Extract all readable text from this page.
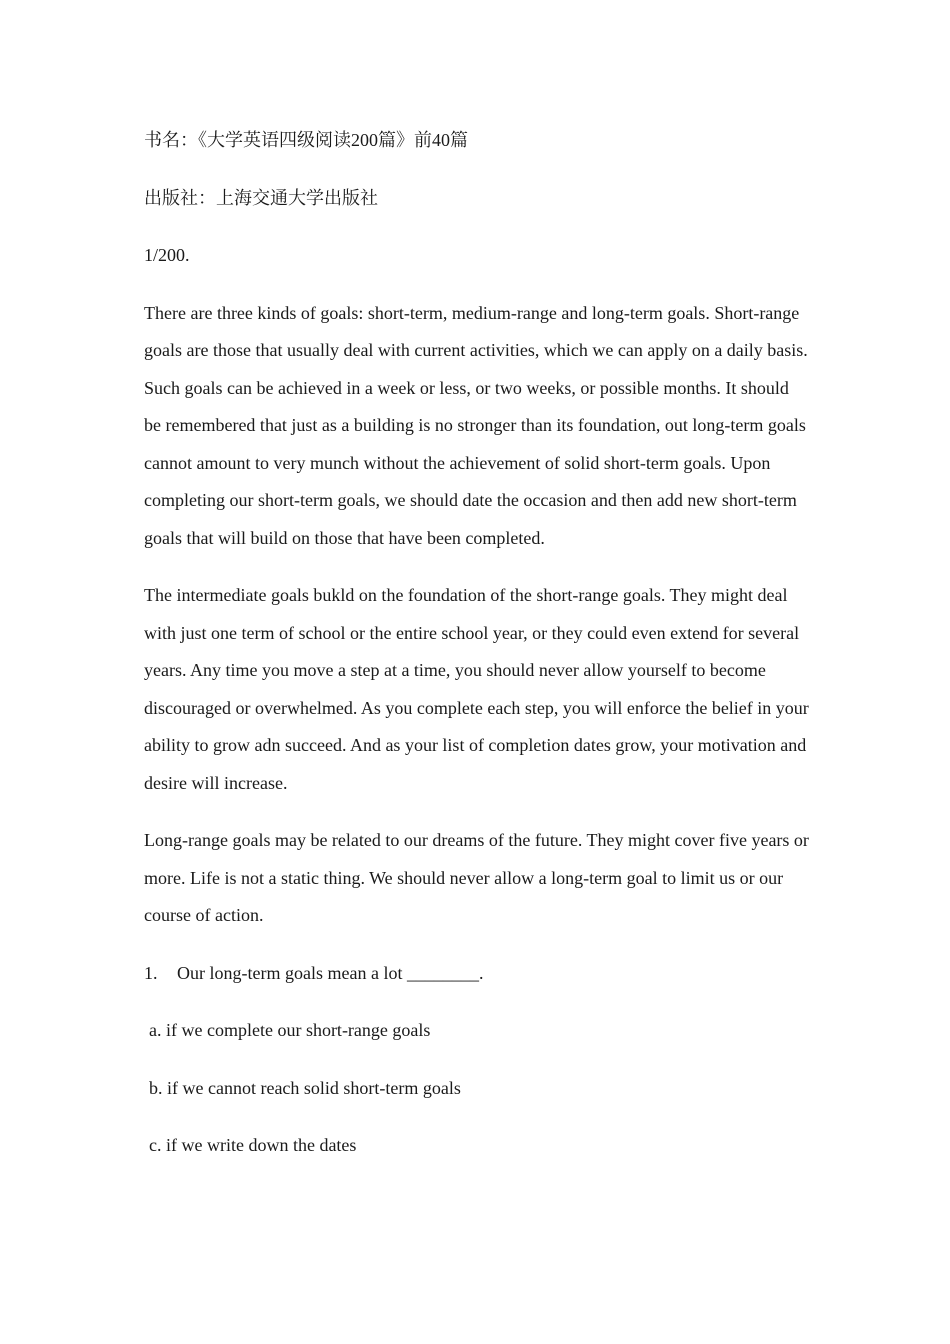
书名：《大学英语四级阅读200篇》前40篇
出版社：上海交通大学出版社
1/200.

There are three kinds of goals: short-term, medium-range and long-term goals. Short-range goals are those that usually deal with current activities, which we can apply on a daily basis. Such goals can be achieved in a week or less, or two weeks, or possible months. It should be remembered that just as a building is no stronger than its foundation, out long-term goals cannot amount to very munch without the achievement of solid short-term goals. Upon completing our short-term goals, we should date the occasion and then add new short-term goals that will build on those that have been completed.

The intermediate goals bukld on the foundation of the short-range goals. They might deal with just one term of school or the entire school year, or they could even extend for several years. Any time you move a step at a time, you should never allow yourself to become discouraged or overwhelmed. As you complete each step, you will enforce the belief in your ability to grow adn succeed. And as your list of completion dates grow, your motivation and desire will increase.

Long-range goals may be related to our dreams of the future. They might cover five years or more. Life is not a static thing. We should never allow a long-term goal to limit us or our course of action.

1. Our long-term goals mean a lot ________.
a. if we complete our short-range goals
b. if we cannot reach solid short-term goals
c. if we write down the dates
